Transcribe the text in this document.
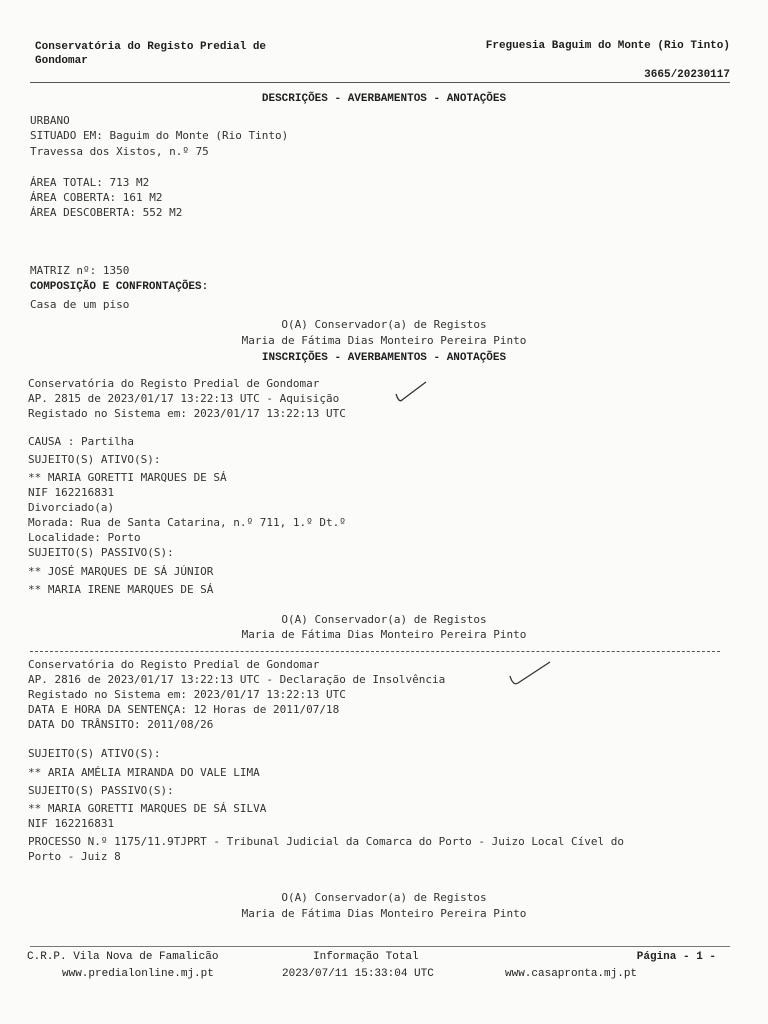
Conservatória do Registo Predial de Gondomar
Freguesia Baguim do Monte (Rio Tinto)
3665/20230117
DESCRIÇÕES - AVERBAMENTOS - ANOTAÇÕES
URBANO
SITUADO EM: Baguim do Monte (Rio Tinto)
Travessa dos Xistos, n.º 75
ÁREA TOTAL: 713 M2
ÁREA COBERTA: 161 M2
ÁREA DESCOBERTA: 552 M2
MATRIZ nº: 1350
COMPOSIÇÃO E CONFRONTAÇÕES:
Casa de um piso
O(A) Conservador(a) de Registos
Maria de Fátima Dias Monteiro Pereira Pinto
INSCRIÇÕES - AVERBAMENTOS - ANOTAÇÕES
Conservatória do Registo Predial de Gondomar
AP. 2815 de 2023/01/17 13:22:13 UTC - Aquisição
Registado no Sistema em: 2023/01/17 13:22:13 UTC
CAUSA : Partilha
SUJEITO(S) ATIVO(S):
** MARIA GORETTI MARQUES DE SÁ
NIF 162216831
Divorciado(a)
Morada: Rua de Santa Catarina, n.º 711, 1.º Dt.º
Localidade: Porto
SUJEITO(S) PASSIVO(S):
** JOSÉ MARQUES DE SÁ JÚNIOR
** MARIA IRENE MARQUES DE SÁ
O(A) Conservador(a) de Registos
Maria de Fátima Dias Monteiro Pereira Pinto
Conservatória do Registo Predial de Gondomar
AP. 2816 de 2023/01/17 13:22:13 UTC - Declaração de Insolvência
Registado no Sistema em: 2023/01/17 13:22:13 UTC
DATA E HORA DA SENTENÇA: 12 Horas de 2011/07/18
DATA DO TRÂNSITO: 2011/08/26
SUJEITO(S) ATIVO(S):
** ARIA AMÉLIA MIRANDA DO VALE LIMA
SUJEITO(S) PASSIVO(S):
** MARIA GORETTI MARQUES DE SÁ SILVA
NIF 162216831
PROCESSO N.º 1175/11.9TJPRT - Tribunal Judicial da Comarca do Porto - Juizo Local Cível do
Porto - Juiz 8
O(A) Conservador(a) de Registos
Maria de Fátima Dias Monteiro Pereira Pinto
C.R.P. Vila Nova de Famalicão
www.predialonline.mj.pt
Informação Total
2023/07/11 15:33:04 UTC
Página - 1 -
www.casapronta.mj.pt
